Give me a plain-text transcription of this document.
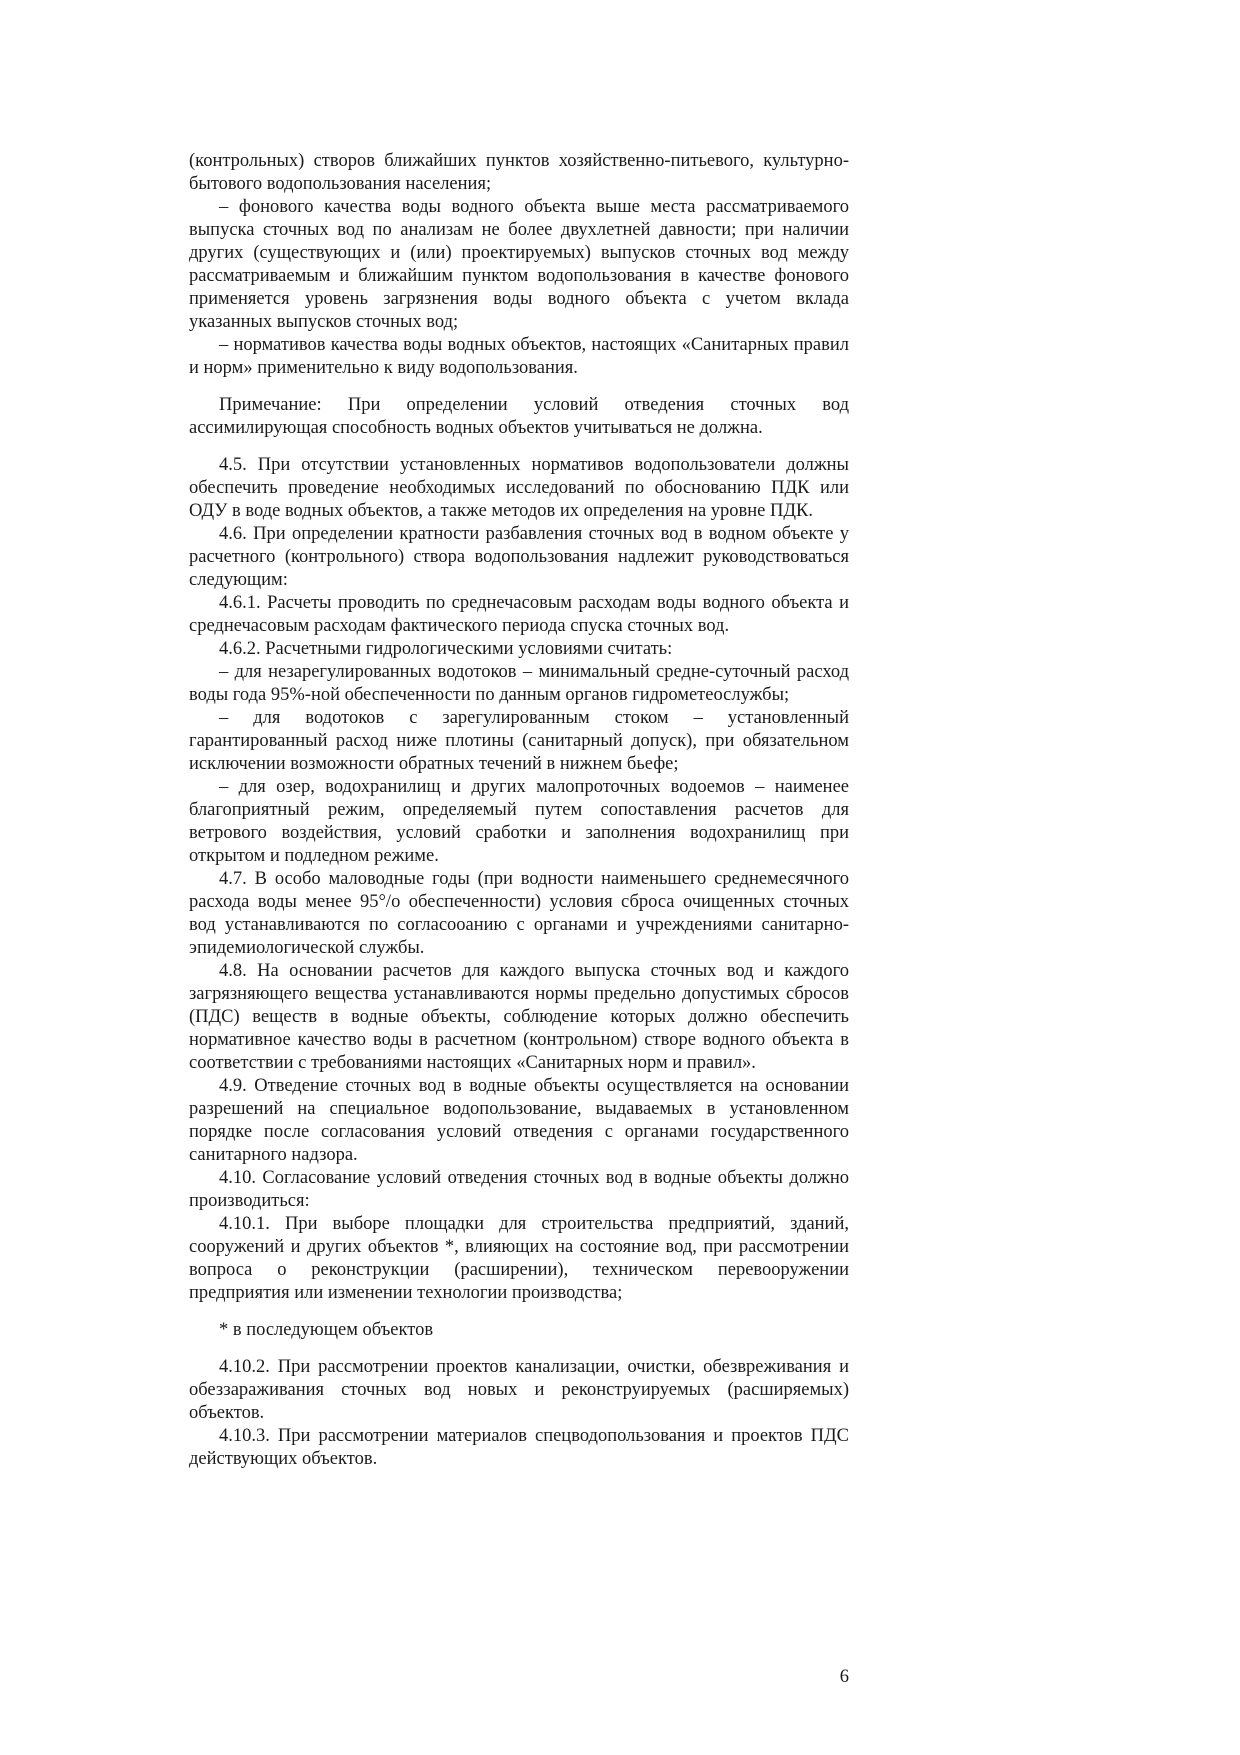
(контрольных) створов ближайших пунктов хозяйственно-питьевого, культурно-бытового водопользования населения;

– фонового качества воды водного объекта выше места рассматриваемого выпуска сточных вод по анализам не более двухлетней давности; при наличии других (существующих и (или) проектируемых) выпусков сточных вод между рассматриваемым и ближайшим пунктом водопользования в качестве фонового применяется уровень загрязнения воды водного объекта с учетом вклада указанных выпусков сточных вод;

– нормативов качества воды водных объектов, настоящих «Санитарных правил и норм» применительно к виду водопользования.

Примечание: При определении условий отведения сточных вод ассимилирующая способность водных объектов учитываться не должна.

4.5. При отсутствии установленных нормативов водопользователи должны обеспечить проведение необходимых исследований по обоснованию ПДК или ОДУ в воде водных объектов, а также методов их определения на уровне ПДК.

4.6. При определении кратности разбавления сточных вод в водном объекте у расчетного (контрольного) створа водопользования надлежит руководствоваться следующим:

4.6.1. Расчеты проводить по среднечасовым расходам воды водного объекта и среднечасовым расходам фактического периода спуска сточных вод.

4.6.2. Расчетными гидрологическими условиями считать:

– для незарегулированных водотоков – минимальный средне-суточный расход воды года 95%-ной обеспеченности по данным органов гидрометеослужбы;

– для водотоков с зарегулированным стоком – установленный гарантированный расход ниже плотины (санитарный допуск), при обязательном исключении возможности обратных течений в нижнем бьефе;

– для озер, водохранилищ и других малопроточных водоемов – наименее благоприятный режим, определяемый путем сопоставления расчетов для ветрового воздействия, условий сработки и заполнения водохранилищ при открытом и подледном режиме.

4.7. В особо маловодные годы (при водности наименьшего среднемесячного расхода воды менее 95°/о обеспеченности) условия сброса очищенных сточных вод устанавливаются по согласооанию с органами и учреждениями санитарно-эпидемиологической службы.

4.8. На основании расчетов для каждого выпуска сточных вод и каждого загрязняющего вещества устанавливаются нормы предельно допустимых сбросов (ПДС) веществ в водные объекты, соблюдение которых должно обеспечить нормативное качество воды в расчетном (контрольном) створе водного объекта в соответствии с требованиями настоящих «Санитарных норм и правил».

4.9. Отведение сточных вод в водные объекты осуществляется на основании разрешений на специальное водопользование, выдаваемых в установленном порядке после согласования условий отведения с органами государственного санитарного надзора.

4.10. Согласование условий отведения сточных вод в водные объекты должно производиться:

4.10.1. При выборе площадки для строительства предприятий, зданий, сооружений и других объектов *, влияющих на состояние вод, при рассмотрении вопроса о реконструкции (расширении), техническом перевооружении предприятия или изменении технологии производства;

* в последующем объектов

4.10.2. При рассмотрении проектов канализации, очистки, обезвреживания и обеззараживания сточных вод новых и реконструируемых (расширяемых) объектов.

4.10.3. При рассмотрении материалов спецводопользования и проектов ПДС действующих объектов.

6
